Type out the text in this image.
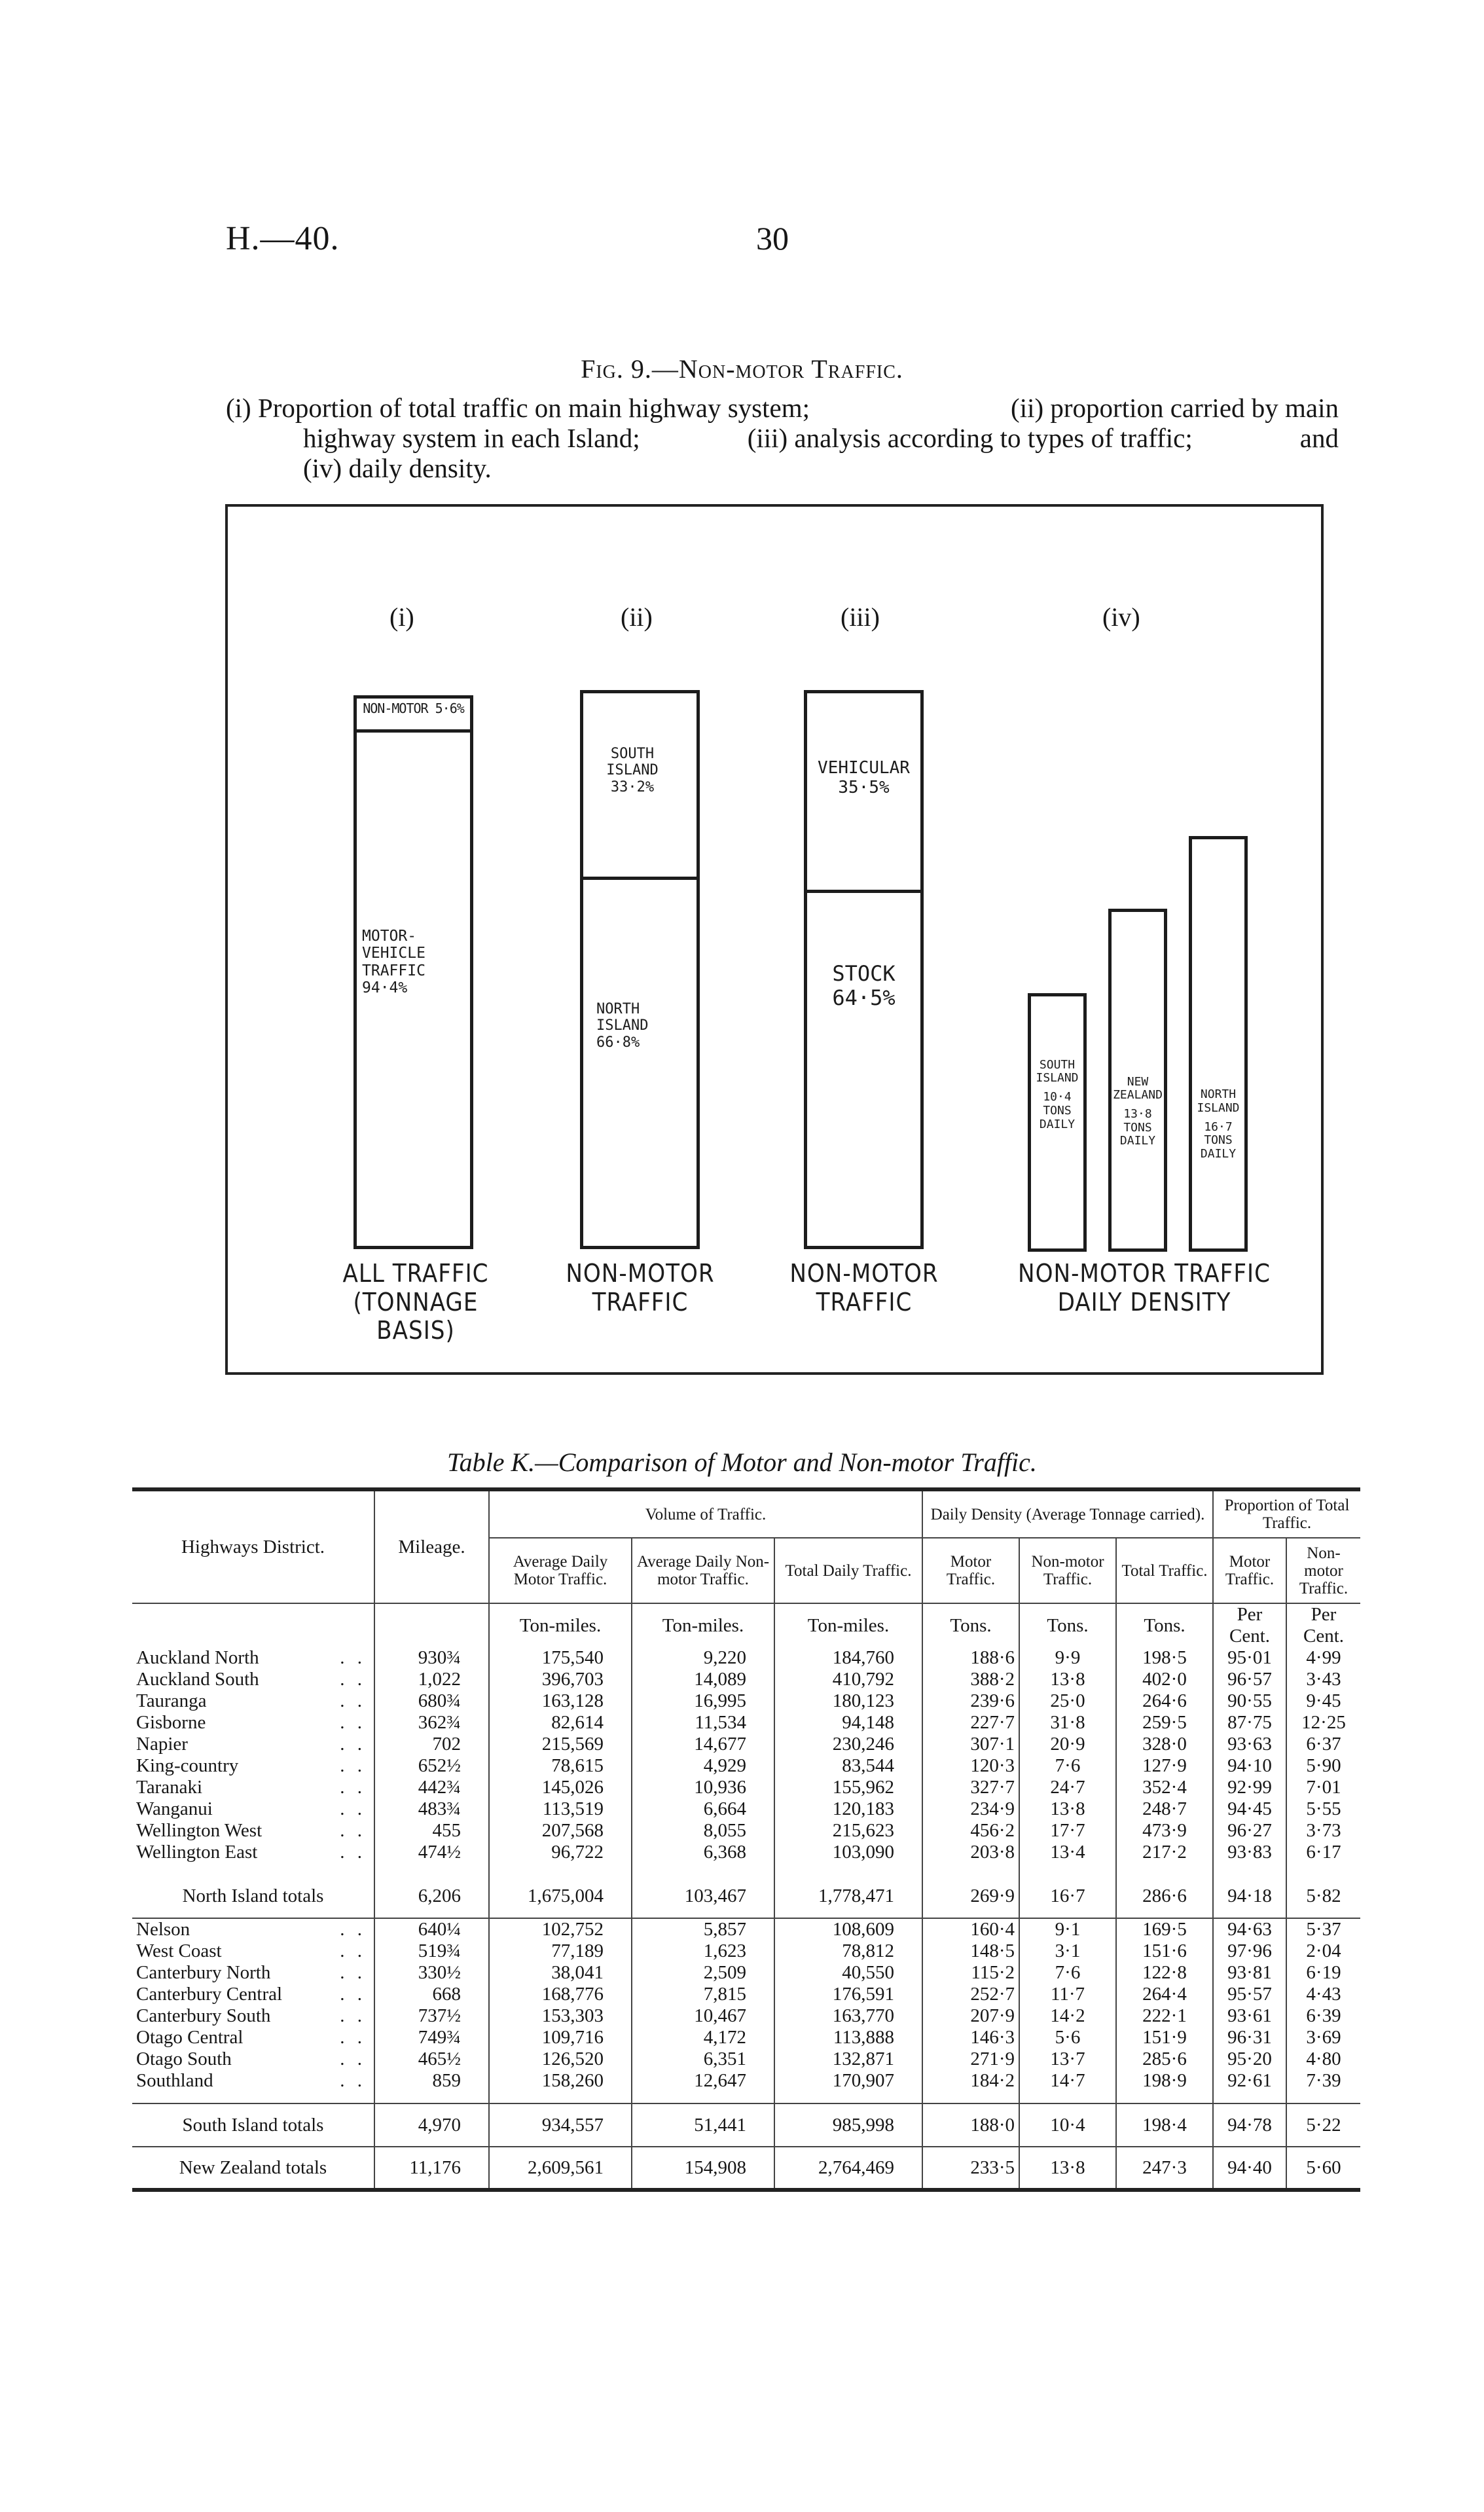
H.—40.	30
Fig. 9.—Non-motor Traffic.
(i) Proportion of total traffic on main highway system;	(ii) proportion carried by main
highway system in each Island;	(iii) analysis according to types of traffic;	and
(iv) daily density.
(i)	(ii)	(iii)	(iv)
NON-MOTOR 5·6%
MOTOR-
VEHICLE
TRAFFIC
94·4%
ALL TRAFFIC
(TONNAGE
BASIS)
SOUTH
ISLAND
33·2%
NORTH
ISLAND
66·8%
NON-MOTOR
TRAFFIC
VEHICULAR
35·5%
STOCK
64·5%
NON-MOTOR
TRAFFIC
SOUTH
ISLAND
10·4
TONS
DAILY
NEW
ZEALAND
13·8
TONS
DAILY
NORTH
ISLAND
16·7
TONS
DAILY
NON-MOTOR TRAFFIC
DAILY DENSITY
Table K.—Comparison of Motor and Non-motor Traffic.
Highways District.	Mileage.	Volume of Traffic.			Daily Density (Average Tonnage carried).			Proportion of Total Traffic.	
		Average Daily Motor Traffic.	Average Daily Non-motor Traffic.	Total Daily Traffic.	Motor Traffic.	Non-motor Traffic.	Total Traffic.	Motor Traffic.	Non-motor Traffic.
		Ton-miles.	Ton-miles.	Ton-miles.	Tons.	Tons.	Tons.	Per Cent.	Per Cent.
Auckland North . .	930¾	175,540	9,220	184,760	188·6	9·9	198·5	95·01	4·99
Auckland South . .	1,022	396,703	14,089	410,792	388·2	13·8	402·0	96·57	3·43
Tauranga . .	680¾	163,128	16,995	180,123	239·6	25·0	264·6	90·55	9·45
Gisborne . .	362¾	82,614	11,534	94,148	227·7	31·8	259·5	87·75	12·25
Napier . .	702	215,569	14,677	230,246	307·1	20·9	328·0	93·63	6·37
King-country . .	652½	78,615	4,929	83,544	120·3	7·6	127·9	94·10	5·90
Taranaki . .	442¾	145,026	10,936	155,962	327·7	24·7	352·4	92·99	7·01
Wanganui . .	483¾	113,519	6,664	120,183	234·9	13·8	248·7	94·45	5·55
Wellington West . .	455	207,568	8,055	215,623	456·2	17·7	473·9	96·27	3·73
Wellington East . .	474½	96,722	6,368	103,090	203·8	13·4	217·2	93·83	6·17

North Island totals	6,206	1,675,004	103,467	1,778,471	269·9	16·7	286·6	94·18	5·82
Nelson . .	640¼	102,752	5,857	108,609	160·4	9·1	169·5	94·63	5·37
West Coast . .	519¾	77,189	1,623	78,812	148·5	3·1	151·6	97·96	2·04
Canterbury North . .	330½	38,041	2,509	40,550	115·2	7·6	122·8	93·81	6·19
Canterbury Central . .	668	168,776	7,815	176,591	252·7	11·7	264·4	95·57	4·43
Canterbury South . .	737½	153,303	10,467	163,770	207·9	14·2	222·1	93·61	6·39
Otago Central . .	749¾	109,716	4,172	113,888	146·3	5·6	151·9	96·31	3·69
Otago South . .	465½	126,520	6,351	132,871	271·9	13·7	285·6	95·20	4·80
Southland . .	859	158,260	12,647	170,907	184·2	14·7	198·9	92·61	7·39

South Island totals	4,970	934,557	51,441	985,998	188·0	10·4	198·4	94·78	5·22
New Zealand totals	11,176	2,609,561	154,908	2,764,469	233·5	13·8	247·3	94·40	5·60
